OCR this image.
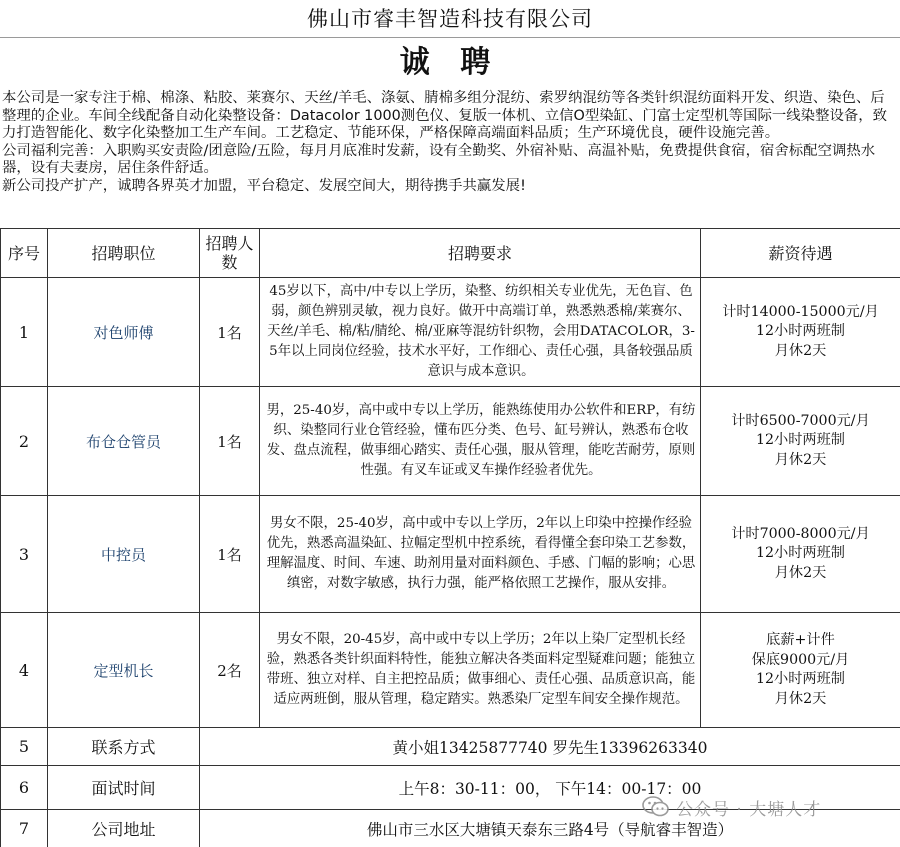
佛山市睿丰智造科技有限公司
诚 聘

本公司是一家专注于棉、棉涤、粘胶、莱赛尔、天丝/羊毛、涤氨、腈棉多组分混纺、索罗纳混纺等各类针织混纺面料开发、织造、染色、后整理的企业。车间全线配备自动化染整设备：Datacolor 1000测色仪、复版一体机、立信O型染缸、门富士定型机等国际一线染整设备，致力打造智能化、数字化染整加工生产车间。工艺稳定、节能环保，严格保障高端面料品质；生产环境优良，硬件设施完善。

公司福利完善：入职购买安责险/团意险/五险，每月月底准时发薪，设有全勤奖、外宿补贴、高温补贴，免费提供食宿，宿舍标配空调热水器，设有夫妻房，居住条件舒适。

新公司投产扩产，诚聘各界英才加盟，平台稳定、发展空间大，期待携手共赢发展!

序号	招聘职位	招聘人数	招聘要求	薪资待遇
1	对色师傅	1名	45岁以下，高中/中专以上学历，染整、纺织相关专业优先，无色盲、色弱，颜色辨别灵敏，视力良好。做开中高端订单，熟悉熟悉棉/莱赛尔、天丝/羊毛、棉/粘/腈纶、棉/亚麻等混纺针织物，会用DATACOLOR，3-5年以上同岗位经验，技术水平好，工作细心、责任心强，具备较强品质意识与成本意识。	计时14000-15000元/月
12小时两班制
月休2天

2	布仓仓管员	1名	男，25-40岁，高中或中专以上学历，能熟练使用办公软件和ERP，有纺织、染整同行业仓管经验，懂布匹分类、色号、缸号辨认，熟悉布仓收发、盘点流程，做事细心踏实、责任心强，服从管理，能吃苦耐劳，原则性强。有叉车证或叉车操作经验者优先。	计时6500-7000元/月
12小时两班制
月休2天

3	中控员	1名	男女不限，25-40岁，高中或中专以上学历，2年以上印染中控操作经验优先，熟悉高温染缸、拉幅定型机中控系统，看得懂全套印染工艺参数，理解温度、时间、车速、助剂用量对面料颜色、手感、门幅的影响；心思缜密，对数字敏感，执行力强，能严格依照工艺操作，服从安排。	计时7000-8000元/月
12小时两班制
月休2天

4	定型机长	2名	男女不限，20-45岁，高中或中专以上学历；2年以上染厂定型机长经验，熟悉各类针织面料特性，能独立解决各类面料定型疑难问题；能独立带班、独立对样、自主把控品质；做事细心、责任心强、品质意识高，能适应两班倒，服从管理，稳定踏实。熟悉染厂定型车间安全操作规范。	底薪+计件
保底9000元/月
12小时两班制
月休2天

5	联系方式	黄小姐13425877740 罗先生13396263340		
6	面试时间	上午8：30-11：00， 下午14：00-17：00		
7	公司地址	佛山市三水区大塘镇天泰东三路4号（导航睿丰智造）		
公众号 · 大塘人才
